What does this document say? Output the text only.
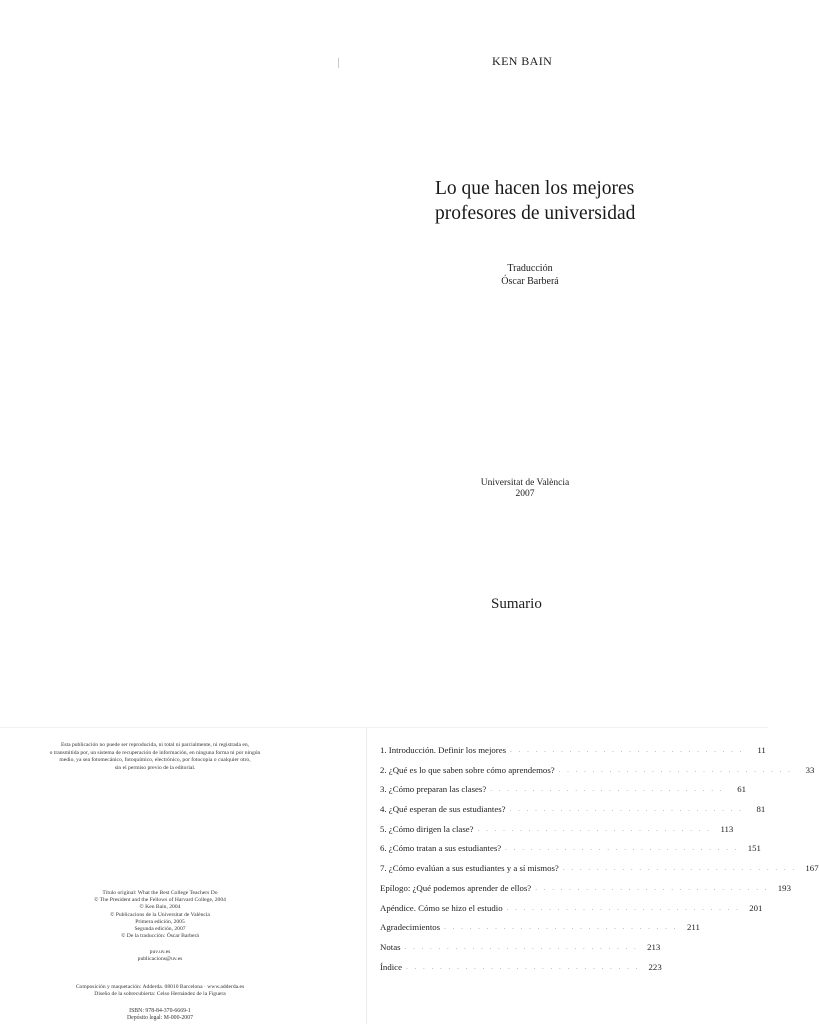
KEN BAIN
Lo que hacen los mejores
profesores de universidad
Traducción
Óscar Barberá
Universitat de València
2007
Sumario
Esta publicación no puede ser reproducida, ni total ni parcialmente, ni registrada en,
o transmitida por, un sistema de recuperación de información, en ninguna forma ni por ningún
medio, ya sea fotomecánico, fotoquímico, electrónico, por fotocopia o cualquier otro,
sin el permiso previo de la editorial.
Título original: What the Best College Teachers Do
© The President and the Fellows of Harvard College, 2004
© Ken Bain, 2004
© Publicacions de la Universitat de València
Primera edición, 2005
Segunda edición, 2007
© De la traducción: Óscar Barberá
puv.uv.es
publicacions@uv.es
Composición y maquetación: Adderda. 08010 Barcelona · www.adderda.es
Diseño de la sobrecubierta: Celso Hernández de la Figuera
ISBN: 978-84-370-6669-1
Depósito legal: M-000-2007
1. Introducción. Definir los mejores . . . . . . . . . . . . . . . . . . . . . . . . . . . .	11
2. ¿Qué es lo que saben sobre cómo aprendemos? . . . . . . . . . . . . . . . . . . . . . . . . . . . .	33
3. ¿Cómo preparan las clases? . . . . . . . . . . . . . . . . . . . . . . . . . . . .	61
4. ¿Qué esperan de sus estudiantes? . . . . . . . . . . . . . . . . . . . . . . . . . . . .	81
5. ¿Cómo dirigen la clase? . . . . . . . . . . . . . . . . . . . . . . . . . . . .	113
6. ¿Cómo tratan a sus estudiantes? . . . . . . . . . . . . . . . . . . . . . . . . . . . . 151
7. ¿Cómo evalúan a sus estudiantes y a sí mismos? . . . . . . . . . . . . . . . . . . . . . . . . . . . . 167
Epílogo: ¿Qué podemos aprender de ellos? . . . . . . . . . . . . . . . . . . . . . . . . . . . . 193
Apéndice. Cómo se hizo el estudio . . . . . . . . . . . . . . . . . . . . . . . . . . . . 201
Agradecimientos . . . . . . . . . . . . . . . . . . . . . . . . . . . .	211
Notas . . . . . . . . . . . . . . . . . . . . . . . . . . . . 213
Índice . . . . . . . . . . . . . . . . . . . . . . . . . . . . 223
